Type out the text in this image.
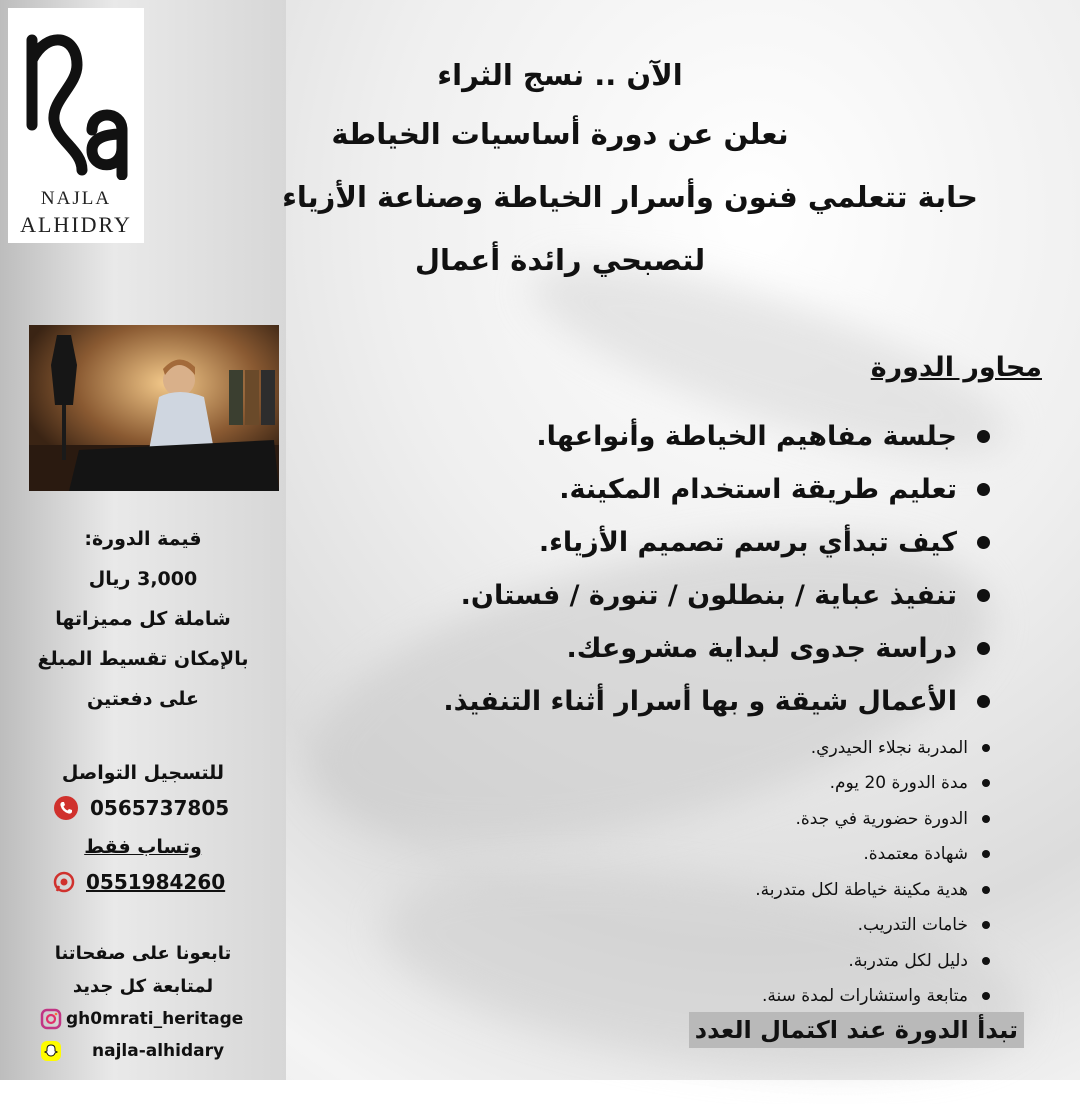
NAJLA
ALHIDRY
قيمة الدورة:
3,000 ريال
شاملة كل مميزاتها
بالإمكان تقسيط المبلغ
على دفعتين
للتسجيل التواصل
0565737805
وتساب فقط
0551984260
تابعونا على صفحاتنا
لمتابعة كل جديد
gh0mrati_heritage
najla-alhidary
الآن .. نسج الثراء
نعلن عن دورة أساسيات الخياطة
حابة تتعلمي فنون وأسرار الخياطة وصناعة الأزياء
لتصبحي رائدة أعمال
محاور الدورة
جلسة مفاهيم الخياطة وأنواعها.
تعليم طريقة استخدام المكينة.
كيف تبدأي برسم تصميم الأزياء.
تنفيذ عباية / بنطلون / تنورة / فستان.
دراسة جدوى لبداية مشروعك.
الأعمال شيقة و بها أسرار أثناء التنفيذ.
المدربة نجلاء الحيدري.
مدة الدورة 20 يوم.
الدورة حضورية في جدة.
شهادة معتمدة.
هدية مكينة خياطة لكل متدربة.
خامات التدريب.
دليل لكل متدربة.
متابعة واستشارات لمدة سنة.
تبدأ الدورة عند اكتمال العدد
